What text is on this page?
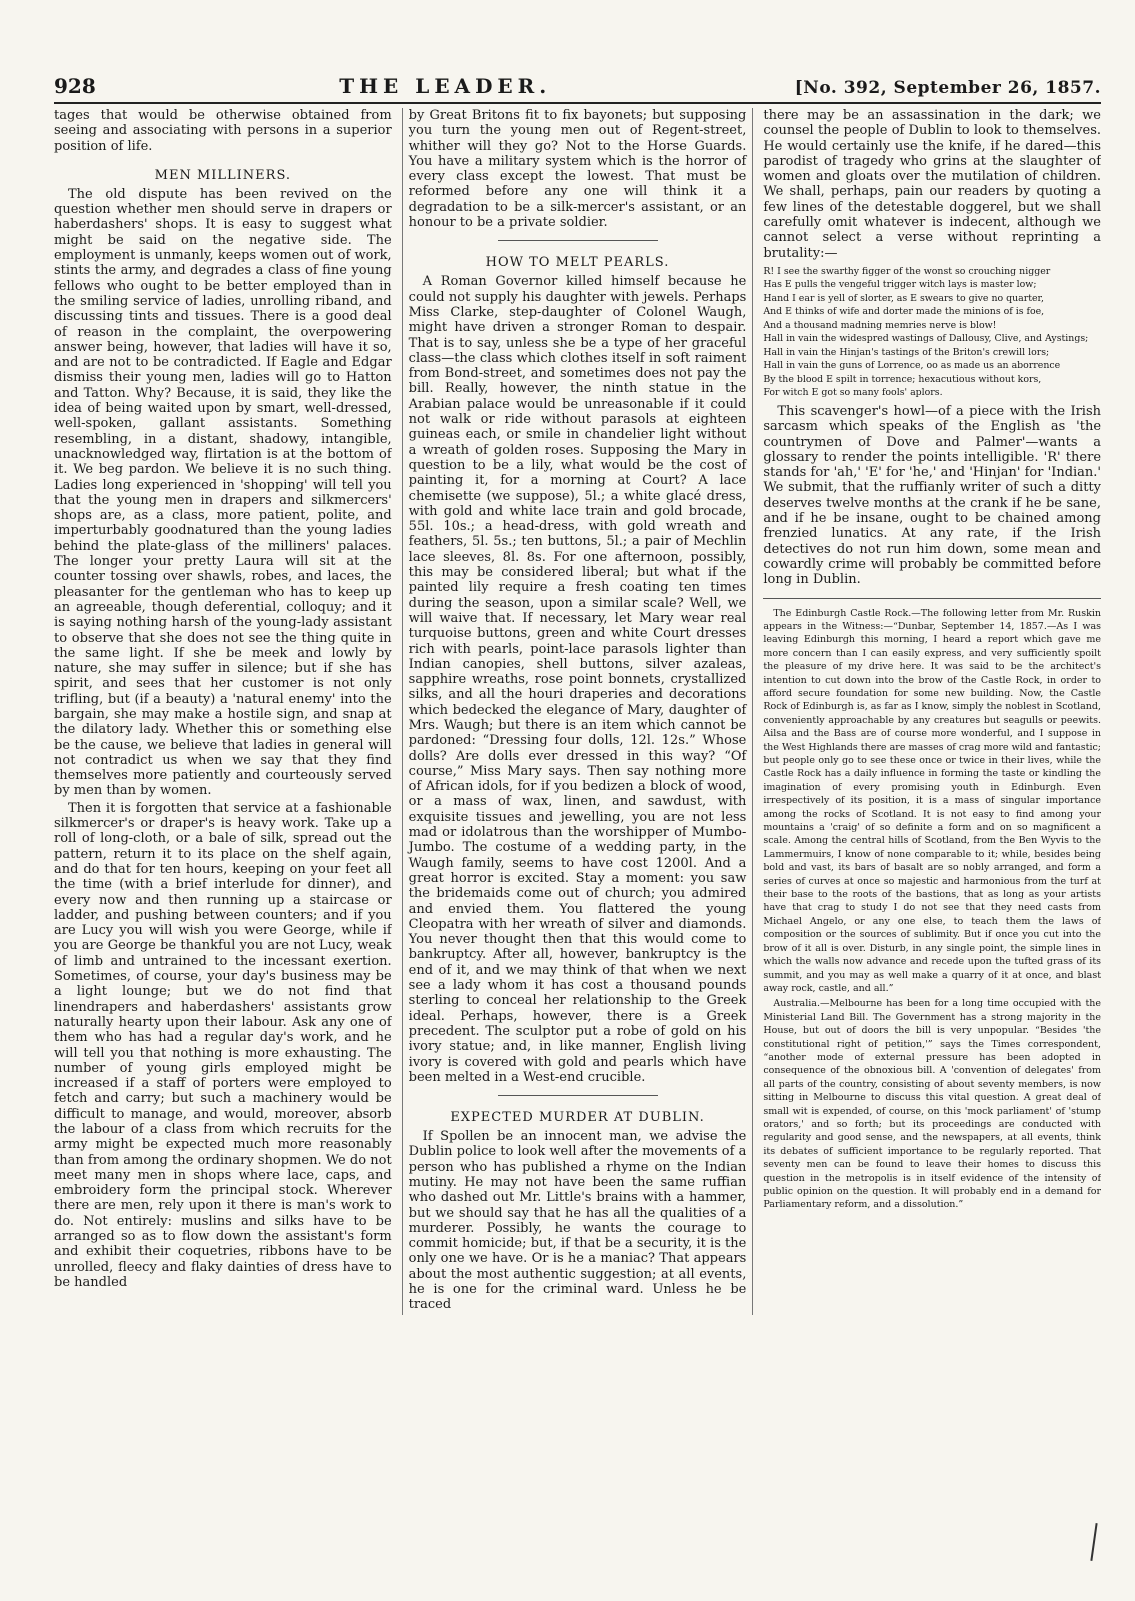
928	THE LEADER.	[No. 392, September 26, 1857.

tages that would be otherwise obtained from seeing and associating with persons in a superior position of life.

MEN MILLINERS.

The old dispute has been revived on the question whether men should serve in drapers or haberdashers' shops. It is easy to suggest what might be said on the negative side. The employment is unmanly, keeps women out of work, stints the army, and degrades a class of fine young fellows who ought to be better employed than in the smiling service of ladies, unrolling riband, and discussing tints and tissues. There is a good deal of reason in the complaint, the overpowering answer being, however, that ladies will have it so, and are not to be contradicted. If Eagle and Edgar dismiss their young men, ladies will go to Hatton and Tatton. Why? Because, it is said, they like the idea of being waited upon by smart, well-dressed, well-spoken, gallant assistants. Something resembling, in a distant, shadowy, intangible, unacknowledged way, flirtation is at the bottom of it. We beg pardon. We believe it is no such thing. Ladies long experienced in 'shopping' will tell you that the young men in drapers and silkmercers' shops are, as a class, more patient, polite, and imperturbably goodnatured than the young ladies behind the plate-glass of the milliners' palaces. The longer your pretty Laura will sit at the counter tossing over shawls, robes, and laces, the pleasanter for the gentleman who has to keep up an agreeable, though deferential, colloquy; and it is saying nothing harsh of the young-lady assistant to observe that she does not see the thing quite in the same light. If she be meek and lowly by nature, she may suffer in silence; but if she has spirit, and sees that her customer is not only trifling, but (if a beauty) a 'natural enemy' into the bargain, she may make a hostile sign, and snap at the dilatory lady. Whether this or something else be the cause, we believe that ladies in general will not contradict us when we say that they find themselves more patiently and courteously served by men than by women.

Then it is forgotten that service at a fashionable silkmercer's or draper's is heavy work. Take up a roll of long-cloth, or a bale of silk, spread out the pattern, return it to its place on the shelf again, and do that for ten hours, keeping on your feet all the time (with a brief interlude for dinner), and every now and then running up a staircase or ladder, and pushing between counters; and if you are Lucy you will wish you were George, while if you are George be thankful you are not Lucy, weak of limb and untrained to the incessant exertion. Sometimes, of course, your day's business may be a light lounge; but we do not find that linendrapers and haberdashers' assistants grow naturally hearty upon their labour. Ask any one of them who has had a regular day's work, and he will tell you that nothing is more exhausting. The number of young girls employed might be increased if a staff of porters were employed to fetch and carry; but such a machinery would be difficult to manage, and would, moreover, absorb the labour of a class from which recruits for the army might be expected much more reasonably than from among the ordinary shopmen. We do not meet many men in shops where lace, caps, and embroidery form the principal stock. Wherever there are men, rely upon it there is man's work to do. Not entirely: muslins and silks have to be arranged so as to flow down the assistant's form and exhibit their coquetries, ribbons have to be unrolled, fleecy and flaky dainties of dress have to be handled

by Great Britons fit to fix bayonets; but supposing you turn the young men out of Regent-street, whither will they go? Not to the Horse Guards. You have a military system which is the horror of every class except the lowest. That must be reformed before any one will think it a degradation to be a silk-mercer's assistant, or an honour to be a private soldier.

HOW TO MELT PEARLS.

A Roman Governor killed himself because he could not supply his daughter with jewels. Perhaps Miss Clarke, step-daughter of Colonel Waugh, might have driven a stronger Roman to despair. That is to say, unless she be a type of her graceful class—the class which clothes itself in soft raiment from Bond-street, and sometimes does not pay the bill. Really, however, the ninth statue in the Arabian palace would be unreasonable if it could not walk or ride without parasols at eighteen guineas each, or smile in chandelier light without a wreath of golden roses. Supposing the Mary in question to be a lily, what would be the cost of painting it, for a morning at Court? A lace chemisette (we suppose), 5l.; a white glacé dress, with gold and white lace train and gold brocade, 55l. 10s.; a head-dress, with gold wreath and feathers, 5l. 5s.; ten buttons, 5l.; a pair of Mechlin lace sleeves, 8l. 8s. For one afternoon, possibly, this may be considered liberal; but what if the painted lily require a fresh coating ten times during the season, upon a similar scale? Well, we will waive that. If necessary, let Mary wear real turquoise buttons, green and white Court dresses rich with pearls, point-lace parasols lighter than Indian canopies, shell buttons, silver azaleas, sapphire wreaths, rose point bonnets, crystallized silks, and all the houri draperies and decorations which bedecked the elegance of Mary, daughter of Mrs. Waugh; but there is an item which cannot be pardoned: “Dressing four dolls, 12l. 12s.” Whose dolls? Are dolls ever dressed in this way? “Of course,” Miss Mary says. Then say nothing more of African idols, for if you bedizen a block of wood, or a mass of wax, linen, and sawdust, with exquisite tissues and jewelling, you are not less mad or idolatrous than the worshipper of Mumbo-Jumbo. The costume of a wedding party, in the Waugh family, seems to have cost 1200l. And a great horror is excited. Stay a moment: you saw the bridemaids come out of church; you admired and envied them. You flattered the young Cleopatra with her wreath of silver and diamonds. You never thought then that this would come to bankruptcy. After all, however, bankruptcy is the end of it, and we may think of that when we next see a lady whom it has cost a thousand pounds sterling to conceal her relationship to the Greek ideal. Perhaps, however, there is a Greek precedent. The sculptor put a robe of gold on his ivory statue; and, in like manner, English living ivory is covered with gold and pearls which have been melted in a West-end crucible.

EXPECTED MURDER AT DUBLIN.

If Spollen be an innocent man, we advise the Dublin police to look well after the movements of a person who has published a rhyme on the Indian mutiny. He may not have been the same ruffian who dashed out Mr. Little's brains with a hammer, but we should say that he has all the qualities of a murderer. Possibly, he wants the courage to commit homicide; but, if that be a security, it is the only one we have. Or is he a maniac? That appears about the most authentic suggestion; at all events, he is one for the criminal ward. Unless he be traced

there may be an assassination in the dark; we counsel the people of Dublin to look to themselves. He would certainly use the knife, if he dared—this parodist of tragedy who grins at the slaughter of women and gloats over the mutilation of children. We shall, perhaps, pain our readers by quoting a few lines of the detestable doggerel, but we shall carefully omit whatever is indecent, although we cannot select a verse without reprinting a brutality:—

R! I see the swarthy figger of the wonst so crouching nigger
Has E pulls the vengeful trigger witch lays is master low;
Hand I ear is yell of slorter, as E swears to give no quarter,
And E thinks of wife and dorter made the minions of is foe,
And a thousand madning memries nerve is blow!
Hall in vain the widespred wastings of Dallousy, Clive, and Aystings;
Hall in vain the Hinjan's tastings of the Briton's crewill lors;
Hall in vain the guns of Lorrence, oo as made us an aborrence
By the blood E spilt in torrence; hexacutious without kors,
For witch E got so many fools' aplors.

This scavenger's howl—of a piece with the Irish sarcasm which speaks of the English as 'the countrymen of Dove and Palmer'—wants a glossary to render the points intelligible. 'R' there stands for 'ah,' 'E' for 'he,' and 'Hinjan' for 'Indian.' We submit, that the ruffianly writer of such a ditty deserves twelve months at the crank if he be sane, and if he be insane, ought to be chained among frenzied lunatics. At any rate, if the Irish detectives do not run him down, some mean and cowardly crime will probably be committed before long in Dublin.

The Edinburgh Castle Rock.—The following letter from Mr. Ruskin appears in the Witness:—“Dunbar, September 14, 1857.—As I was leaving Edinburgh this morning, I heard a report which gave me more concern than I can easily express, and very sufficiently spoilt the pleasure of my drive here. It was said to be the architect's intention to cut down into the brow of the Castle Rock, in order to afford secure foundation for some new building. Now, the Castle Rock of Edinburgh is, as far as I know, simply the noblest in Scotland, conveniently approachable by any creatures but seagulls or peewits. Ailsa and the Bass are of course more wonderful, and I suppose in the West Highlands there are masses of crag more wild and fantastic; but people only go to see these once or twice in their lives, while the Castle Rock has a daily influence in forming the taste or kindling the imagination of every promising youth in Edinburgh. Even irrespectively of its position, it is a mass of singular importance among the rocks of Scotland. It is not easy to find among your mountains a 'craig' of so definite a form and on so magnificent a scale. Among the central hills of Scotland, from the Ben Wyvis to the Lammermuirs, I know of none comparable to it; while, besides being bold and vast, its bars of basalt are so nobly arranged, and form a series of curves at once so majestic and harmonious from the turf at their base to the roots of the bastions, that as long as your artists have that crag to study I do not see that they need casts from Michael Angelo, or any one else, to teach them the laws of composition or the sources of sublimity. But if once you cut into the brow of it all is over. Disturb, in any single point, the simple lines in which the walls now advance and recede upon the tufted grass of its summit, and you may as well make a quarry of it at once, and blast away rock, castle, and all.”

Australia.—Melbourne has been for a long time occupied with the Ministerial Land Bill. The Government has a strong majority in the House, but out of doors the bill is very unpopular. “Besides 'the constitutional right of petition,'” says the Times correspondent, “another mode of external pressure has been adopted in consequence of the obnoxious bill. A 'convention of delegates' from all parts of the country, consisting of about seventy members, is now sitting in Melbourne to discuss this vital question. A great deal of small wit is expended, of course, on this 'mock parliament' of 'stump orators,' and so forth; but its proceedings are conducted with regularity and good sense, and the newspapers, at all events, think its debates of sufficient importance to be regularly reported. That seventy men can be found to leave their homes to discuss this question in the metropolis is in itself evidence of the intensity of public opinion on the question. It will probably end in a demand for Parliamentary reform, and a dissolution.”
